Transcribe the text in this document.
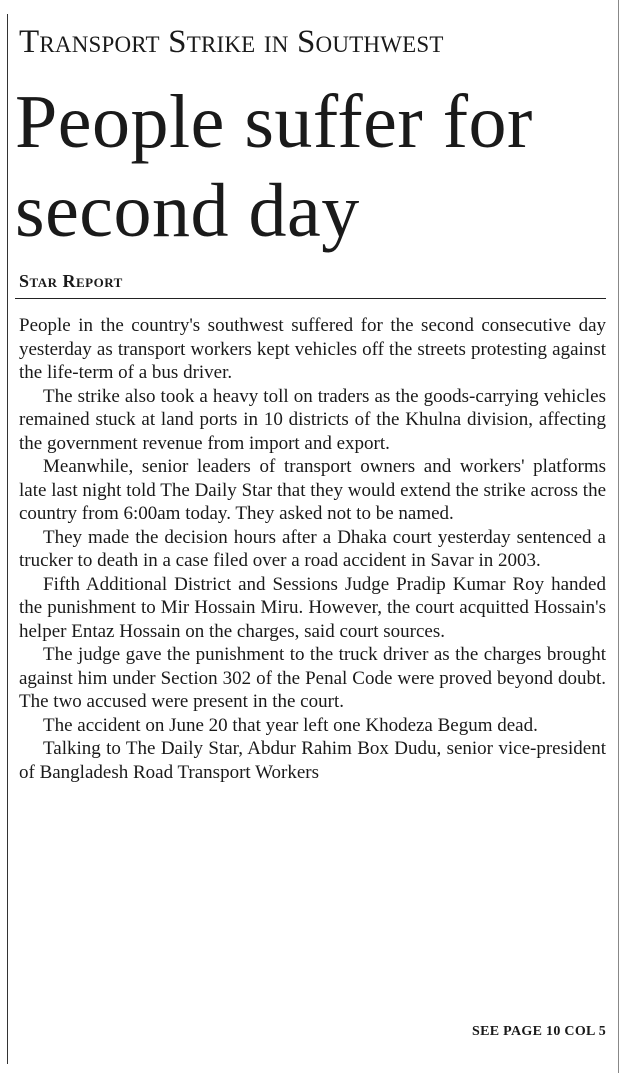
Transport Strike in Southwest
People suffer for second day
Star Report

People in the country's southwest suffered for the second consecutive day yesterday as transport workers kept vehicles off the streets protesting against the life-term of a bus driver.

The strike also took a heavy toll on traders as the goods-carrying vehicles remained stuck at land ports in 10 districts of the Khulna division, affecting the government revenue from import and export.

Meanwhile, senior leaders of transport owners and workers' platforms late last night told The Daily Star that they would extend the strike across the country from 6:00am today. They asked not to be named.

They made the decision hours after a Dhaka court yesterday sentenced a trucker to death in a case filed over a road accident in Savar in 2003.

Fifth Additional District and Sessions Judge Pradip Kumar Roy handed the punishment to Mir Hossain Miru. However, the court acquitted Hossain's helper Entaz Hossain on the charges, said court sources.

The judge gave the punishment to the truck driver as the charges brought against him under Section 302 of the Penal Code were proved beyond doubt. The two accused were present in the court.

The accident on June 20 that year left one Khodeza Begum dead.

Talking to The Daily Star, Abdur Rahim Box Dudu, senior vice-president of Bangladesh Road Transport Workers

SEE PAGE 10 COL 5
